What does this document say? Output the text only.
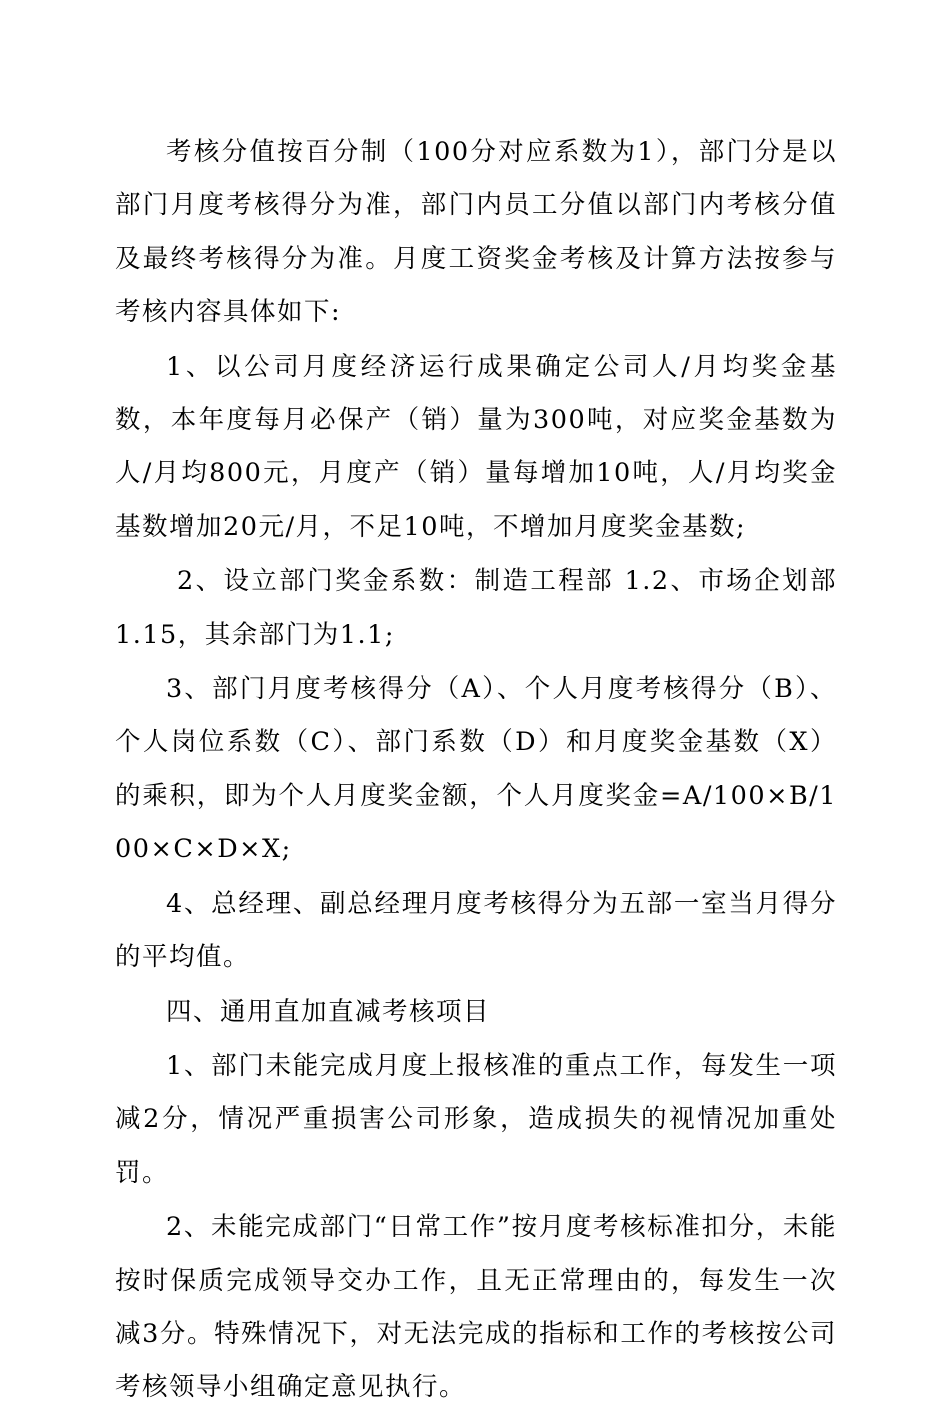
考核分值按百分制（100分对应系数为1），部门分是以部门月度考核得分为准，部门内员工分值以部门内考核分值及最终考核得分为准。月度工资奖金考核及计算方法按参与考核内容具体如下:

1、以公司月度经济运行成果确定公司人/月均奖金基数，本年度每月必保产（销）量为300吨，对应奖金基数为人/月均800元，月度产（销）量每增加10吨，人/月均奖金基数增加20元/月，不足10吨，不增加月度奖金基数;

2、设立部门奖金系数：制造工程部 1.2、市场企划部 1.15，其余部门为1.1;

3、部门月度考核得分（A）、个人月度考核得分（B）、个人岗位系数（C）、部门系数（D）和月度奖金基数（X）的乘积，即为个人月度奖金额，个人月度奖金=A/100×B/100×C×D×X;

4、总经理、副总经理月度考核得分为五部一室当月得分的平均值。

四、通用直加直减考核项目

1、部门未能完成月度上报核准的重点工作，每发生一项减2分，情况严重损害公司形象，造成损失的视情况加重处罚。

2、未能完成部门“日常工作”按月度考核标准扣分，未能按时保质完成领导交办工作，且无正常理由的，每发生一次减3分。特殊情况下，对无法完成的指标和工作的考核按公司考核领导小组确定意见执行。
